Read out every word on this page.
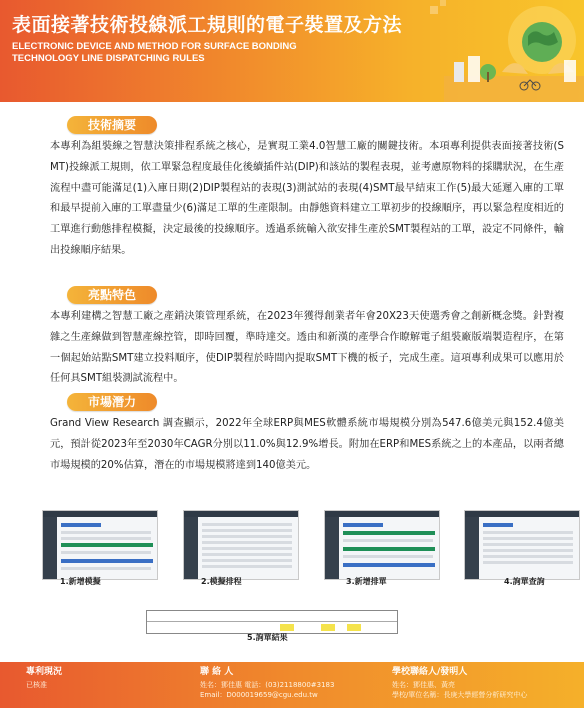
表面接著技術投線派工規則的電子裝置及方法
ELECTRONIC DEVICE AND METHOD FOR SURFACE BONDING
TECHNOLOGY LINE DISPATCHING RULES
技術摘要
本專利為組裝線之智慧決策排程系統之核心，是實現工業4.0智慧工廠的關鍵技術。本項專利提供表面接著技術(SMT)投線派工規則，依工單緊急程度最佳化後續插件站(DIP)和該站的製程表現，並考慮原物料的採購狀況，在生產流程中盡可能滿足(1)入庫日期(2)DIP製程站的表現(3)測試站的表現(4)SMT最早結束工作(5)最大延遲入庫的工單和最早提前入庫的工單盡量少(6)滿足工單的生產限制。由靜態資料建立工單初步的投線順序，再以緊急程度相近的工單進行動態排程模擬，決定最後的投線順序。透過系統輸入欲安排生產於SMT製程站的工單，設定不同條件，輸出投線順序結果。
亮點特色
本專利建構之智慧工廠之產銷決策管理系統，在2023年獲得創業者年會20X23天使選秀會之創新概念獎。針對複雜之生產線做到智慧產線控管，即時回覆，準時達交。透由和新漢的產學合作瞭解電子組裝廠版端製造程序，在第一個起始站點SMT建立投料順序，使DIP製程於時間內提取SMT下機的板子，完成生產。這項專利成果可以應用於任何具SMT組裝測試流程中。
市場潛力
Grand View Research 調查顯示，2022年全球ERP與MES軟體系統市場規模分別為547.6億美元與152.4億美元，預計從2023年至2030年CAGR分別以11.0%與12.9%增長。附加在ERP和MES系統之上的本產品，以兩者總市場規模的20%估算，潛在的市場規模將達到140億美元。
1.新增模擬	2.模擬排程	3.新增排單	4.詢單查詢
5.詢單結果
專利現況
已核准
聯 絡 人
姓名：鄧佳惠 電話：(03)2118800#3183
Email：D000019659@cgu.edu.tw
學校聯絡人/發明人
姓名：鄧佳惠、黃亮
學校/單位名稱：長庚大學經營分析研究中心
